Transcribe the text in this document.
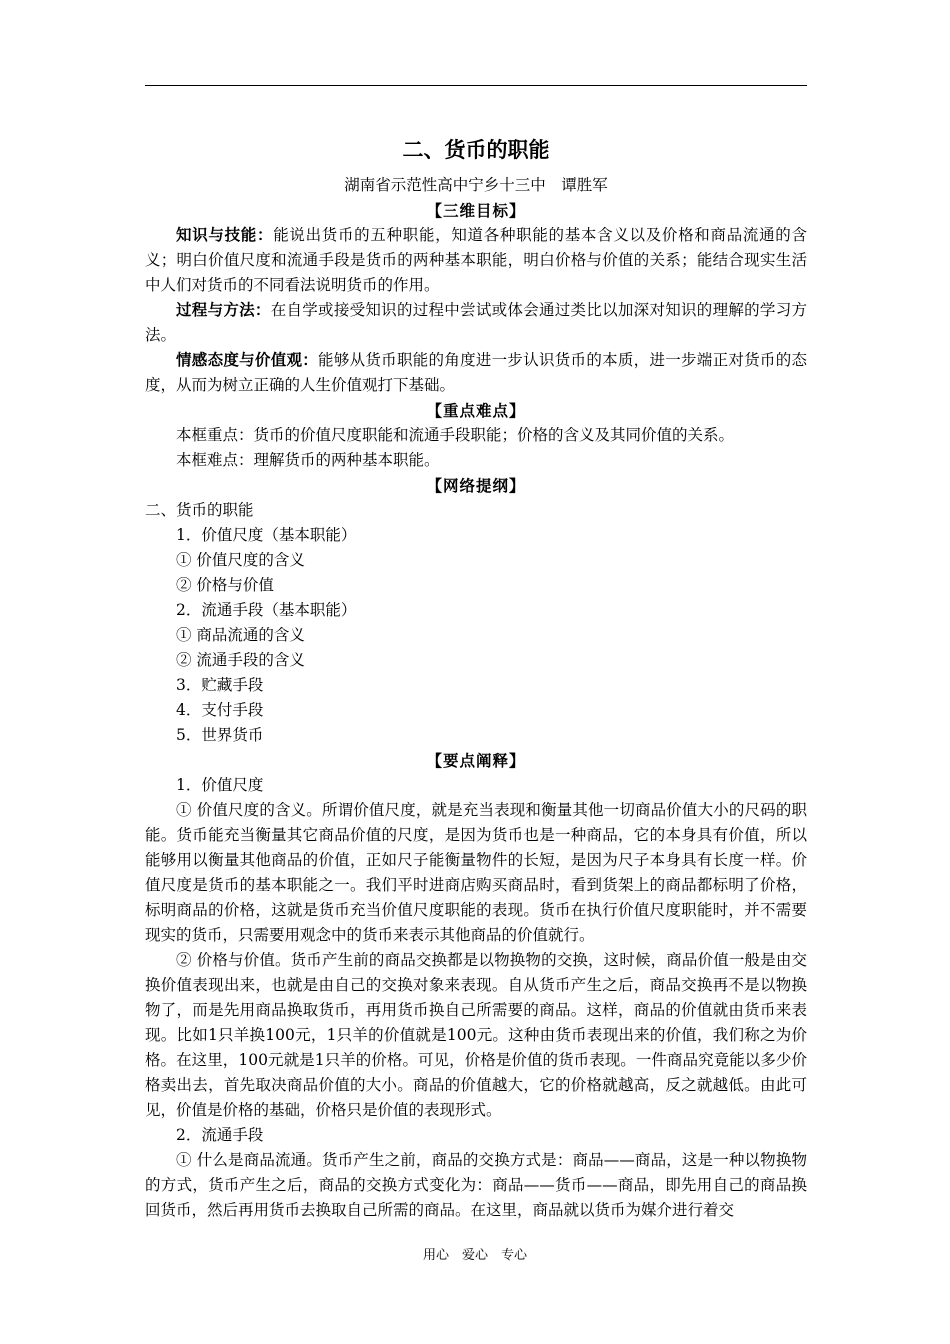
二、货币的职能
湖南省示范性高中宁乡十三中　谭胜军
【三维目标】

知识与技能：能说出货币的五种职能，知道各种职能的基本含义以及价格和商品流通的含义；明白价值尺度和流通手段是货币的两种基本职能，明白价格与价值的关系；能结合现实生活中人们对货币的不同看法说明货币的作用。

过程与方法：在自学或接受知识的过程中尝试或体会通过类比以加深对知识的理解的学习方法。

情感态度与价值观：能够从货币职能的角度进一步认识货币的本质，进一步端正对货币的态度，从而为树立正确的人生价值观打下基础。

【重点难点】

本框重点：货币的价值尺度职能和流通手段职能；价格的含义及其同价值的关系。

本框难点：理解货币的两种基本职能。

【网络提纲】

二、货币的职能

1．价值尺度（基本职能）

① 价值尺度的含义

② 价格与价值

2．流通手段（基本职能）

① 商品流通的含义

② 流通手段的含义

3．贮藏手段

4．支付手段

5．世界货币

【要点阐释】

1．价值尺度

① 价值尺度的含义。所谓价值尺度，就是充当表现和衡量其他一切商品价值大小的尺码的职能。货币能充当衡量其它商品价值的尺度，是因为货币也是一种商品，它的本身具有价值，所以能够用以衡量其他商品的价值，正如尺子能衡量物件的长短，是因为尺子本身具有长度一样。价值尺度是货币的基本职能之一。我们平时进商店购买商品时，看到货架上的商品都标明了价格，标明商品的价格，这就是货币充当价值尺度职能的表现。货币在执行价值尺度职能时，并不需要现实的货币，只需要用观念中的货币来表示其他商品的价值就行。

② 价格与价值。货币产生前的商品交换都是以物换物的交换，这时候，商品价值一般是由交换价值表现出来，也就是由自己的交换对象来表现。自从货币产生之后，商品交换再不是以物换物了，而是先用商品换取货币，再用货币换自己所需要的商品。这样，商品的价值就由货币来表现。比如1只羊换100元，1只羊的价值就是100元。这种由货币表现出来的价值，我们称之为价格。在这里，100元就是1只羊的价格。可见，价格是价值的货币表现。一件商品究竟能以多少价格卖出去，首先取决商品价值的大小。商品的价值越大，它的价格就越高，反之就越低。由此可见，价值是价格的基础，价格只是价值的表现形式。

2．流通手段

① 什么是商品流通。货币产生之前，商品的交换方式是：商品——商品，这是一种以物换物的方式，货币产生之后，商品的交换方式变化为：商品——货币——商品，即先用自己的商品换回货币，然后再用货币去换取自己所需的商品。在这里，商品就以货币为媒介进行着交

用心　爱心　专心
